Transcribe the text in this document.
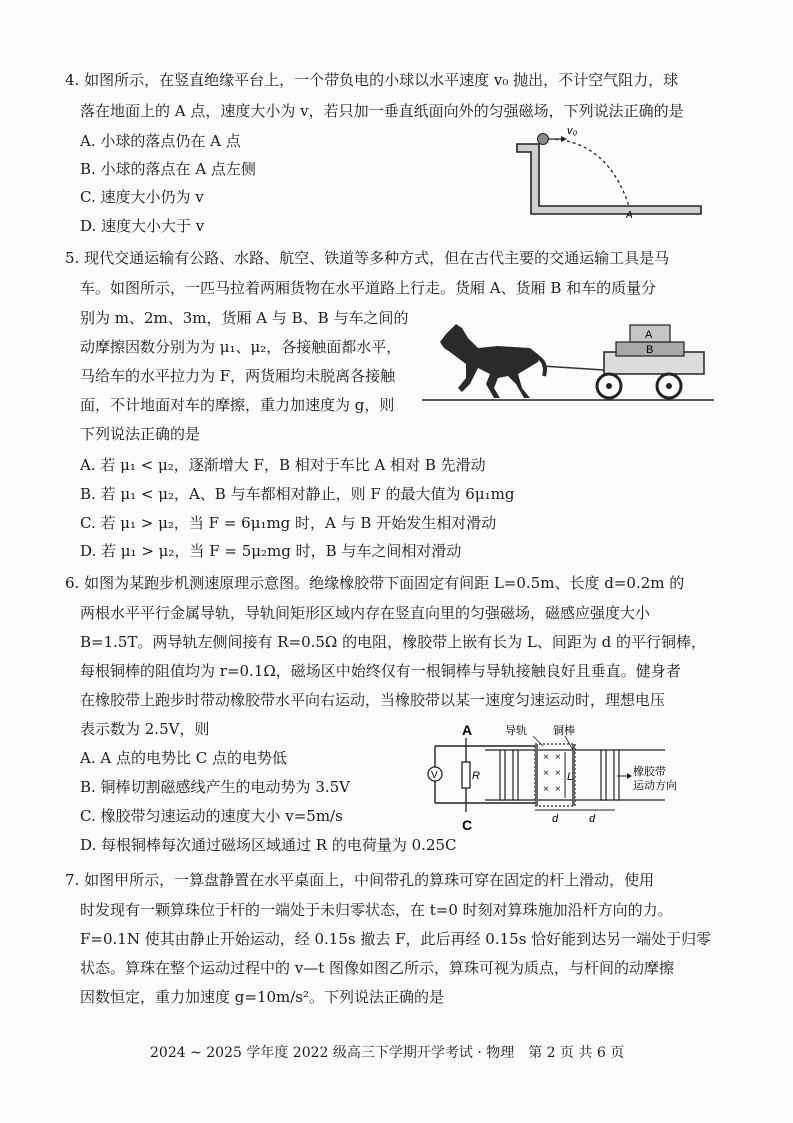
4. 如图所示，在竖直绝缘平台上，一个带负电的小球以水平速度 v₀ 抛出，不计空气阻力，球
落在地面上的 A 点，速度大小为 v，若只加一垂直纸面向外的匀强磁场，下列说法正确的是
A. 小球的落点仍在 A 点
B. 小球的落点在 A 点左侧
C. 速度大小仍为 v
D. 速度大小大于 v
v₀
A
5. 现代交通运输有公路、水路、航空、铁道等多种方式，但在古代主要的交通运输工具是马
车。如图所示，一匹马拉着两厢货物在水平道路上行走。货厢 A、货厢 B 和车的质量分
别为 m、2m、3m，货厢 A 与 B、B 与车之间的
动摩擦因数分别为为 μ₁、μ₂，各接触面都水平，
马给车的水平拉力为 F，两货厢均未脱离各接触
面，不计地面对车的摩擦，重力加速度为 g，则
下列说法正确的是
A. 若 μ₁ < μ₂，逐渐增大 F，B 相对于车比 A 相对 B 先滑动
B. 若 μ₁ < μ₂，A、B 与车都相对静止，则 F 的最大值为 6μ₁mg
C. 若 μ₁ > μ₂，当 F = 6μ₁mg 时，A 与 B 开始发生相对滑动
D. 若 μ₁ > μ₂，当 F = 5μ₂mg 时，B 与车之间相对滑动
B
A
6. 如图为某跑步机测速原理示意图。绝缘橡胶带下面固定有间距 L=0.5m、长度 d=0.2m 的
两根水平平行金属导轨，导轨间矩形区域内存在竖直向里的匀强磁场，磁感应强度大小
B=1.5T。两导轨左侧间接有 R=0.5Ω 的电阻，橡胶带上嵌有长为 L、间距为 d 的平行铜棒，
每根铜棒的阻值均为 r=0.1Ω，磁场区中始终仅有一根铜棒与导轨接触良好且垂直。健身者
在橡胶带上跑步时带动橡胶带水平向右运动，当橡胶带以某一速度匀速运动时，理想电压
表示数为 2.5V，则
A. A 点的电势比 C 点的电势低
B. 铜棒切割磁感线产生的电动势为 3.5V
C. 橡胶带匀速运动的速度大小 v=5m/s
D. 每根铜棒每次通过磁场区域通过 R 的电荷量为 0.25C
A
C
V	R
× ×
× ×
× ×
L
导轨 铜棒
橡胶带
运动方向
d	d
7. 如图甲所示，一算盘静置在水平桌面上，中间带孔的算珠可穿在固定的杆上滑动，使用
时发现有一颗算珠位于杆的一端处于未归零状态，在 t=0 时刻对算珠施加沿杆方向的力。
F=0.1N 使其由静止开始运动，经 0.15s 撤去 F，此后再经 0.15s 恰好能到达另一端处于归零
状态。算珠在整个运动过程中的 v—t 图像如图乙所示，算珠可视为质点，与杆间的动摩擦
因数恒定，重力加速度 g=10m/s²。下列说法正确的是
2024 ~ 2025 学年度 2022 级高三下学期开学考试 · 物理　第 2 页 共 6 页
